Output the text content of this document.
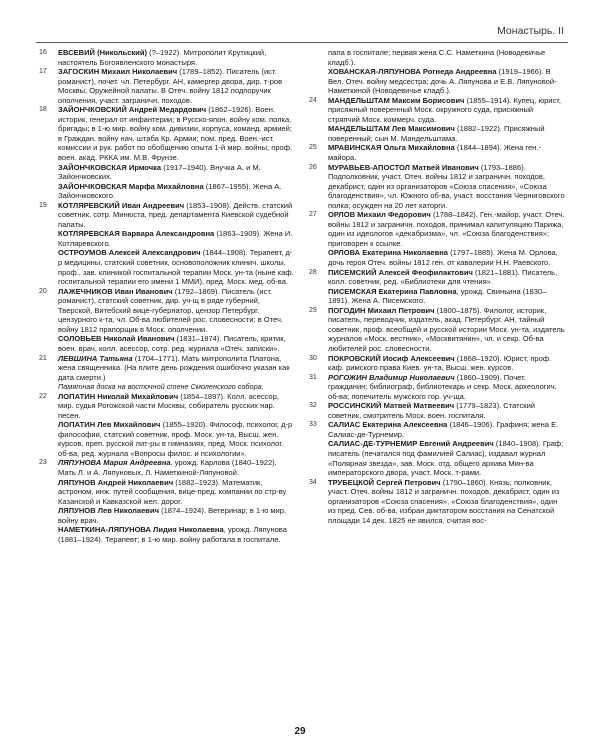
Монастырь. II

16 ЕВСЕВИЙ (Никольский) (?–1922). Митрополит Крутицкий, настоятель Богоявленского монастыря.

17 ЗАГОСКИН Михаил Николаевич (1789–1852). Писатель (ист. романист), почет. чл. Петербург. АН, камергер двора, дир. т-ров Москвы, Оружейной палаты. В Отеч. войну 1812 подпоручик ополчения, участ. заграничн. походов.

18 ЗАЙОНЧКОВСКИЙ Андрей Медардович (1862–1926). Воен. историк, генерал от инфантерии; в Русско-япон. войну ком. полка, бригады; в 1-ю мир. войну ком. дивизии, корпуса, команд. армией; в Граждан. войну нач. штаба Кр. Армии; пом. пред. Воен.-ист. комиссии и рук. работ по обобщению опыта 1-й мир. войны; проф. воен. акад. РККА им. М.В. Фрунзе.

ЗАЙОНЧКОВСКАЯ Ирмочка (1917–1940). Внучка А. и М. Зайончковских.

ЗАЙОНЧКОВСКАЯ Марфа Михайловна (1867–1955). Жена А. Зайончковского.

19 КОТЛЯРЕВСКИЙ Иван Андреевич (1853–1908). Действ. статский советник, сотр. Минюста, пред. департамента Киевской судебной палаты.

КОТЛЯРЕВСКАЯ Варвара Александровна (1863–1909). Жена И. Котляревского.

ОСТРОУМОВ Алексей Александрович (1844–1908). Терапевт, д-р медицины, статский советник, основоположник клинич. школы, проф., зав. клиникой госпитальной терапии Моск. ун-та (ныне каф. госпитальной терапии его имени 1 ММИ), пред. Моск. мед. об-ва.

20 ЛАЖЕЧНИКОВ Иван Иванович (1792–1869). Писатель (ист. романист), статский советник, дир. уч-щ в ряде губерний, Тверской, Витебский вице-губернатор, цензор Петербург. цензурного к-та, чл. Об-ва любителей рос. словесности; в Отеч. войну 1812 прапорщик в Моск. ополчении.

СОЛОВЬЕВ Николай Иванович (1831–1874). Писатель, критик, воен. врач, колл. асессор, сотр. ред. журнала «Отеч. записки».

21 ЛЕВШИНА Татьяна (1704–1771). Мать митрополита Платона, жена священника. (На плите день рождения ошибочно указан как дата смерти.)

Памятная доска на восточной стене Смоленского собора.

22 ЛОПАТИН Николай Михайлович (1854–1897). Колл. асессор, мир. судья Рогожской части Москвы, собиратель русских нар. песен.

ЛОПАТИН Лев Михайлович (1855–1920). Философ, психолог, д-р философии, статский советник, проф. Моск. ун-та, Высш. жен. курсов, преп. русской лит-ры в гимназиях, пред. Моск. психолог. об-ва, ред. журнала «Вопросы филос. и психологии».

23 ЛЯПУНОВА Мария Андреевна, урожд. Карлова (1840–1922). Мать Л. и А. Ляпуновых, Л. Наметкиной-Ляпуновой.

ЛЯПУНОВ Андрей Николаевич (1882–1923). Математик, астроном, инж. путей сообщения, вице-пред. компании по стр-ву Казанской и Кавказской жел. дорог.

ЛЯПУНОВ Лев Николаевич (1874–1924). Ветеринар; в 1-ю мир. войну врач.

НАМЕТКИНА-ЛЯПУНОВА Лидия Николаевна, урожд. Ляпунова (1881–1924). Терапевт; в 1-ю мир. войну работала в госпитале.

пала в госпитале; первая жена С.С. Наметкина (Новодевичье кладб.).

ХОВАНСКАЯ-ЛЯПУНОВА Рогнеда Андреевна (1919–1966). В Вел. Отеч. войну медсестра; дочь А. Ляпунова и Е.В. Ляпуновой-Наметкиной (Новодевичье кладб.).

24 МАНДЕЛЬШТАМ Максим Борисович (1855–1914). Купец, юрист, присяжный поверенный Моск. окружного суда, присяжный стряпчий Моск. коммерч. суда.

МАНДЕЛЬШТАМ Лев Максимович (1882–1922). Присяжный поверенный; сын М. Мандельштама.

25 МРАВИНСКАЯ Ольга Михайловна (1844–1894). Жена ген.-майора.

26 МУРАВЬЕВ-АПОСТОЛ Матвей Иванович (1793–1886). Подполковник, участ. Отеч. войны 1812 и заграничн. походов, декабрист, один из организаторов «Союза спасения», «Союза благоденствия», чл. Южного об-ва, участ. восстания Черниговского полка; осужден на 20 лет каторги.

27 ОРЛОВ Михаил Федорович (1788–1842). Ген.-майор, участ. Отеч. войны 1812 и заграничн. походов, принимал капитуляцию Парижа, один из идеологов «декабризма», чл. «Союза благоденствия»; приговорен к ссылке.

ОРЛОВА Екатерина Николаевна (1797–1885). Жена М. Орлова, дочь героя Отеч. войны 1812 ген. от кавалерии Н.Н. Раевского.

28 ПИСЕМСКИЙ Алексей Феофилактович (1821–1881). Писатель, колл. советник, ред. «Библиотеки для чтения».

ПИСЕМСКАЯ Екатерина Павловна, урожд. Свиньина (1830–1891). Жена А. Писемского.

29 ПОГОДИН Михаил Петрович (1800–1875). Филолог, историк, писатель, переводчик, издатель, акад. Петербург. АН, тайный советник, проф. всеобщей и русской истории Моск. ун-та, издатель журналов «Моск. вестник», «Москвитянин», чл. и секр. Об-ва любителей рос. словесности.

30 ПОКРОВСКИЙ Иосиф Алексеевич (1868–1920). Юрист, проф. каф. римского права Киев. ун-та, Высш. жен. курсов.

31 РОГОЖИН Владимир Николаевич (1860–1909). Почет. гражданин; библиограф, библиотекарь и секр. Моск. археологич. об-ва; попечитель мужского гор. уч-ща.

32 РОССИНСКИЙ Матвей Матвеевич (1779–1823). Статский советник, смотритель Моск. воен. госпиталя.

33 САЛИАС Екатерина Алексеевна (1846–1906). Графиня; жена Е. Салиас-де-Турнемир.

САЛИАС-ДЕ-ТУРНЕМИР Евгений Андреевич (1840–1908). Граф; писатель (печатался под фамилией Салиас), издавал журнал «Полярная звезда», зав. Моск. отд. общего архива Мин-ва императорского двора, участ. Моск. т-рами.

34 ТРУБЕЦКОЙ Сергей Петрович (1790–1860). Князь; полковник, участ. Отеч. войны 1812 и заграничн. походов, декабрист, один из организаторов «Союза спасения», «Союза благоденствия», один из пред. Сев. об-ва, избран диктатором восстания на Сенатской площади 14 дек. 1825 не явился, считая вос-

29
